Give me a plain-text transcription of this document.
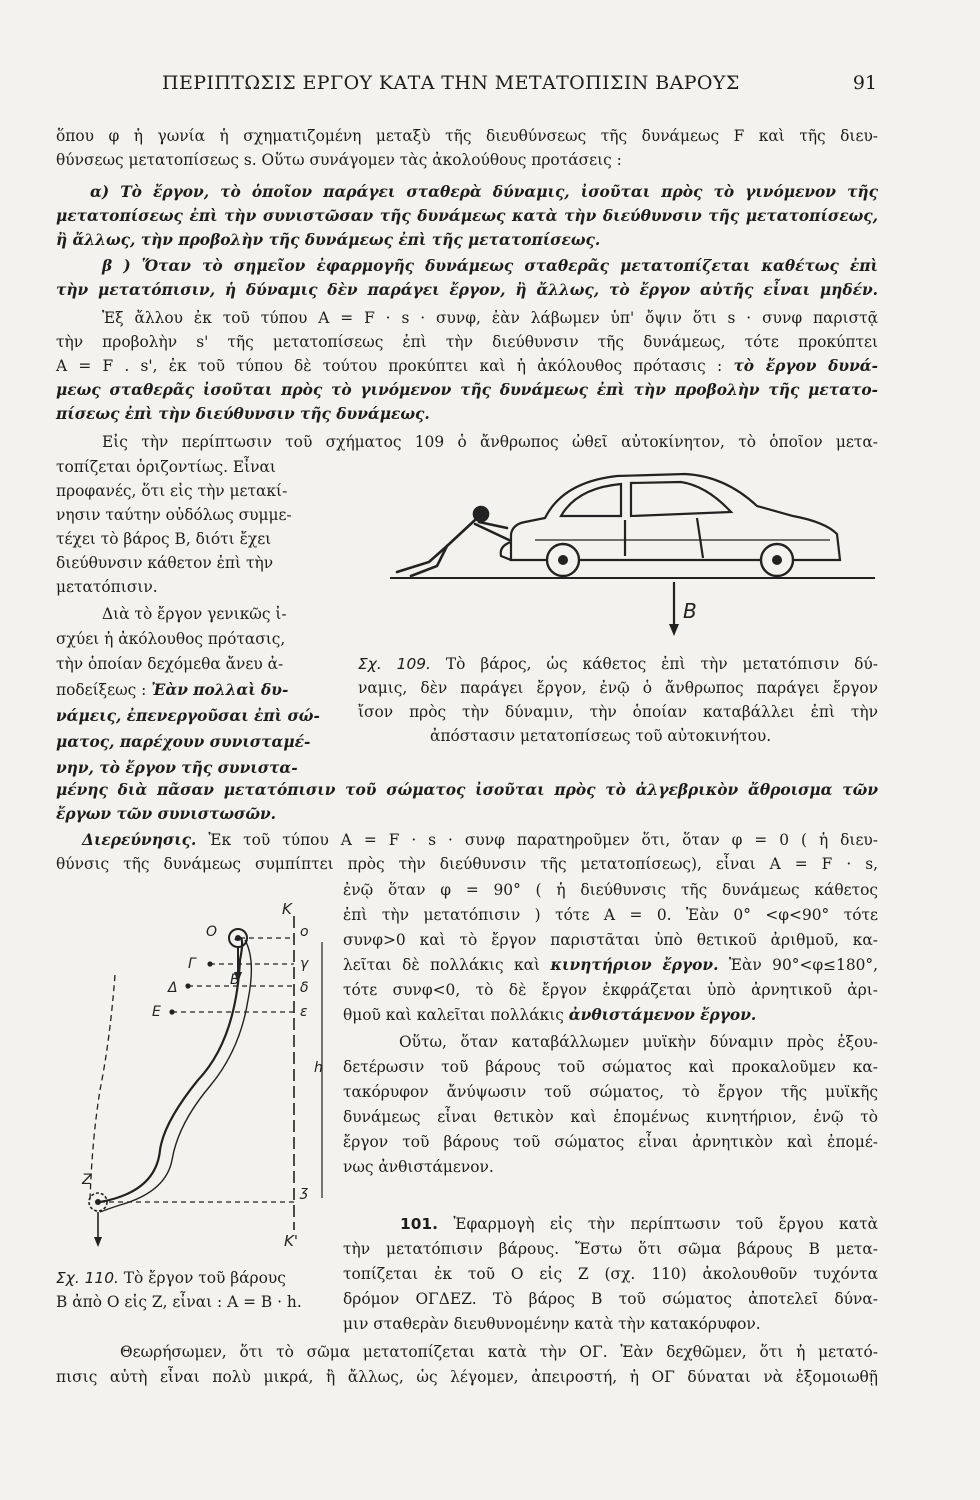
ΠΕΡΙΠΤΩΣΙΣ ΕΡΓΟΥ ΚΑΤΑ ΤΗΝ ΜΕΤΑΤΟΠΙΣΙΝ ΒΑΡΟΥΣ	91
ὅπου φ ἡ γωνία ἡ σχηματιζομένη μεταξὺ τῆς διευθύνσεως τῆς δυνάμεως F καὶ τῆς διευ-
θύνσεως μετατοπίσεως s. Οὕτω συνάγομεν τὰς ἀκολούθους προτάσεις :
α) Τὸ ἔργον, τὸ ὁποῖον παράγει σταθερὰ δύναμις, ἰσοῦται πρὸς τὸ γινόμενον τῆς
μετατοπίσεως ἐπὶ τὴν συνιστῶσαν τῆς δυνάμεως κατὰ τὴν διεύθυνσιν τῆς μετατοπίσεως,
ἢ ἄλλως, τὴν προβολὴν τῆς δυνάμεως ἐπὶ τῆς μετατοπίσεως.
β ) Ὅταν τὸ σημεῖον ἐφαρμογῆς δυνάμεως σταθερᾶς μετατοπίζεται καθέτως ἐπὶ
τὴν μετατόπισιν, ἡ δύναμις δὲν παράγει ἔργον, ἢ ἄλλως, τὸ ἔργον αὐτῆς εἶναι μηδέν.
Ἐξ ἄλλου ἐκ τοῦ τύπου A = F · s · συνφ, ἐὰν λάβωμεν ὑπ' ὄψιν ὅτι s · συνφ παριστᾷ
τὴν προβολὴν s' τῆς μετατοπίσεως ἐπὶ τὴν διεύθυνσιν τῆς δυνάμεως, τότε προκύπτει
A = F . s', ἐκ τοῦ τύπου δὲ τούτου προκύπτει καὶ ἡ ἀκόλουθος πρότασις : τὸ ἔργον δυνά-
μεως σταθερᾶς ἰσοῦται πρὸς τὸ γινόμενον τῆς δυνάμεως ἐπὶ τὴν προβολὴν τῆς μετατο-
πίσεως ἐπὶ τὴν διεύθυνσιν τῆς δυνάμεως.
Εἰς τὴν περίπτωσιν τοῦ σχήματος 109 ὁ ἄνθρωπος ὠθεῖ αὐτοκίνητον, τὸ ὁποῖον μετα-
τοπίζεται ὁριζοντίως. Εἶναι
προφανές, ὅτι εἰς τὴν μετακί-
νησιν ταύτην οὐδόλως συμμε-
τέχει τὸ βάρος Β, διότι ἔχει
διεύθυνσιν κάθετον ἐπὶ τὴν
μετατόπισιν.
B
Διὰ τὸ ἔργον γενικῶς ἰ-
σχύει ἡ ἀκόλουθος πρότασις,
τὴν ὁποίαν δεχόμεθα ἄνευ ἀ-
ποδείξεως : Ἐὰν πολλαὶ δυ-
νάμεις, ἐπενεργοῦσαι ἐπὶ σώ-
ματος, παρέχουν συνισταμέ-
νην, τὸ ἔργον τῆς συνιστα-
μένης διὰ πᾶσαν μετατόπισιν τοῦ σώματος ἰσοῦται πρὸς τὸ ἀλγεβρικὸν ἄθροισμα τῶν
ἔργων τῶν συνιστωσῶν.
Σχ. 109. Τὸ βάρος, ὡς κάθετος ἐπὶ τὴν μετατόπισιν δύ-
ναμις, δὲν παράγει ἔργον, ἐνῷ ὁ ἄνθρωπος παράγει ἔργον
ἴσον πρὸς τὴν δύναμιν, τὴν ὁποίαν καταβάλλει ἐπὶ τὴν
ἀπόστασιν μετατοπίσεως τοῦ αὐτοκινήτου.
Διερεύνησις. Ἐκ τοῦ τύπου A = F · s · συνφ παρατηροῦμεν ὅτι, ὅταν φ = 0 ( ἡ διευ-
θύνσις τῆς δυνάμεως συμπίπτει πρὸς τὴν διεύθυνσιν τῆς μετατοπίσεως), εἶναι A = F · s,
ἐνῷ ὅταν φ = 90° ( ἡ διεύθυνσις τῆς δυνάμεως κάθετος
ἐπὶ τὴν μετατόπισιν ) τότε A = 0. Ἐὰν 0° <φ<90° τότε
συνφ>0 καὶ τὸ ἔργον παριστᾶται ὑπὸ θετικοῦ ἀριθμοῦ, κα-
λεῖται δὲ πολλάκις καὶ κινητήριον ἔργον. Ἐὰν 90°<φ≤180°,
τότε συνφ<0, τὸ δὲ ἔργον ἐκφράζεται ὑπὸ ἀρνητικοῦ ἀρι-
θμοῦ καὶ καλεῖται πολλάκις ἀνθιστάμενον ἔργον.
Οὕτω, ὅταν καταβάλλωμεν μυϊκὴν δύναμιν πρὸς ἐξου-
δετέρωσιν τοῦ βάρους τοῦ σώματος καὶ προκαλοῦμεν κα-
τακόρυφον ἄνύψωσιν τοῦ σώματος, τὸ ἔργον τῆς μυϊκῆς
δυνάμεως εἶναι θετικὸν καὶ ἑπομένως κινητήριον, ἐνῷ τὸ
ἔργον τοῦ βάρους τοῦ σώματος εἶναι ἀρνητικὸν καὶ ἐπομέ-
νως ἀνθιστάμενον.
K
K'
O
Γ
Δ
E
B
Z
o
γ
δ
ε
h
ʒ
Σχ. 110. Τὸ ἔργον τοῦ βάρους
Β ἀπὸ Ο εἰς Ζ, εἶναι : A = B · h.
101. Ἐφαρμογὴ εἰς τὴν περίπτωσιν τοῦ ἔργου κατὰ
τὴν μετατόπισιν βάρους. Ἔστω ὅτι σῶμα βάρους Β μετα-
τοπίζεται ἐκ τοῦ Ο εἰς Ζ (σχ. 110) ἀκολουθοῦν τυχόντα
δρόμον ΟΓΔΕΖ. Τὸ βάρος Β τοῦ σώματος ἀποτελεῖ δύνα-
μιν σταθερὰν διευθυνομένην κατὰ τὴν κατακόρυφον.
Θεωρήσωμεν, ὅτι τὸ σῶμα μετατοπίζεται κατὰ τὴν ΟΓ. Ἐὰν δεχθῶμεν, ὅτι ἡ μετατό-
πισις αὐτὴ εἶναι πολὺ μικρά, ἢ ἄλλως, ὡς λέγομεν, ἀπειροστή, ἡ ΟΓ δύναται νὰ ἐξομοιωθῇ
